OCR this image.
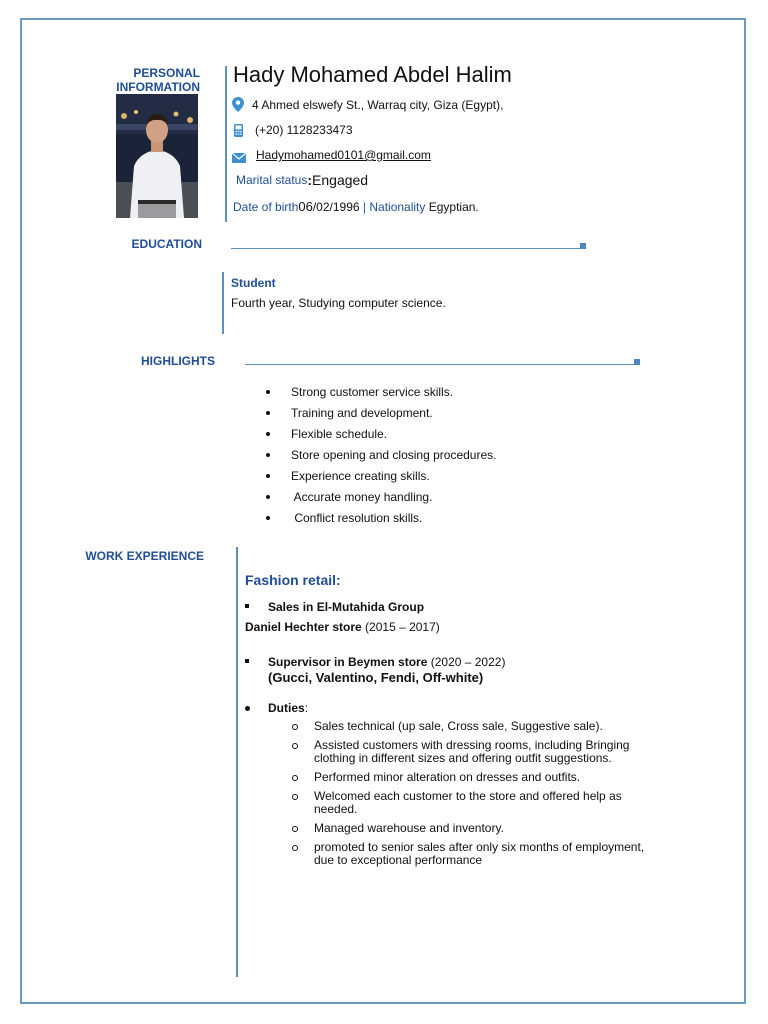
PERSONAL
INFORMATION Hady Mohamed Abdel Halim
4 Ahmed elswefy St., Warraq city, Giza (Egypt),
(+20) 1128233473
Hadymohamed0101@gmail.com
Marital status : Engaged
Date of birth 06 /02/1996 | Nationality Egyptian.
EDUCATION
Student
Fourth year, Studying computer science.
HIGHLIGHTS
Strong customer service skills.
Training and development.
Flexible schedule.
Store opening and closing procedures.
Experience creating skills.
Accurate money handling.
Conflict resolution skills.
WORK EXPERIENCE
Fashion retail:
Sales in El-Mutahida Group
Daniel Hechter store (2015 – 2017)
Supervisor in Beymen store (2020 – 2022)
(Gucci, Valentino, Fendi, Off-white)
Duties:
Sales technical (up sale, Cross sale, Suggestive sale).
Assisted customers with dressing rooms, including Bringing clothing in different sizes and offering outfit suggestions.
Performed minor alteration on dresses and outfits.
Welcomed each customer to the store and offered help as needed.
Managed warehouse and inventory.
promoted to senior sales after only six months of employment, due to exceptional performance
